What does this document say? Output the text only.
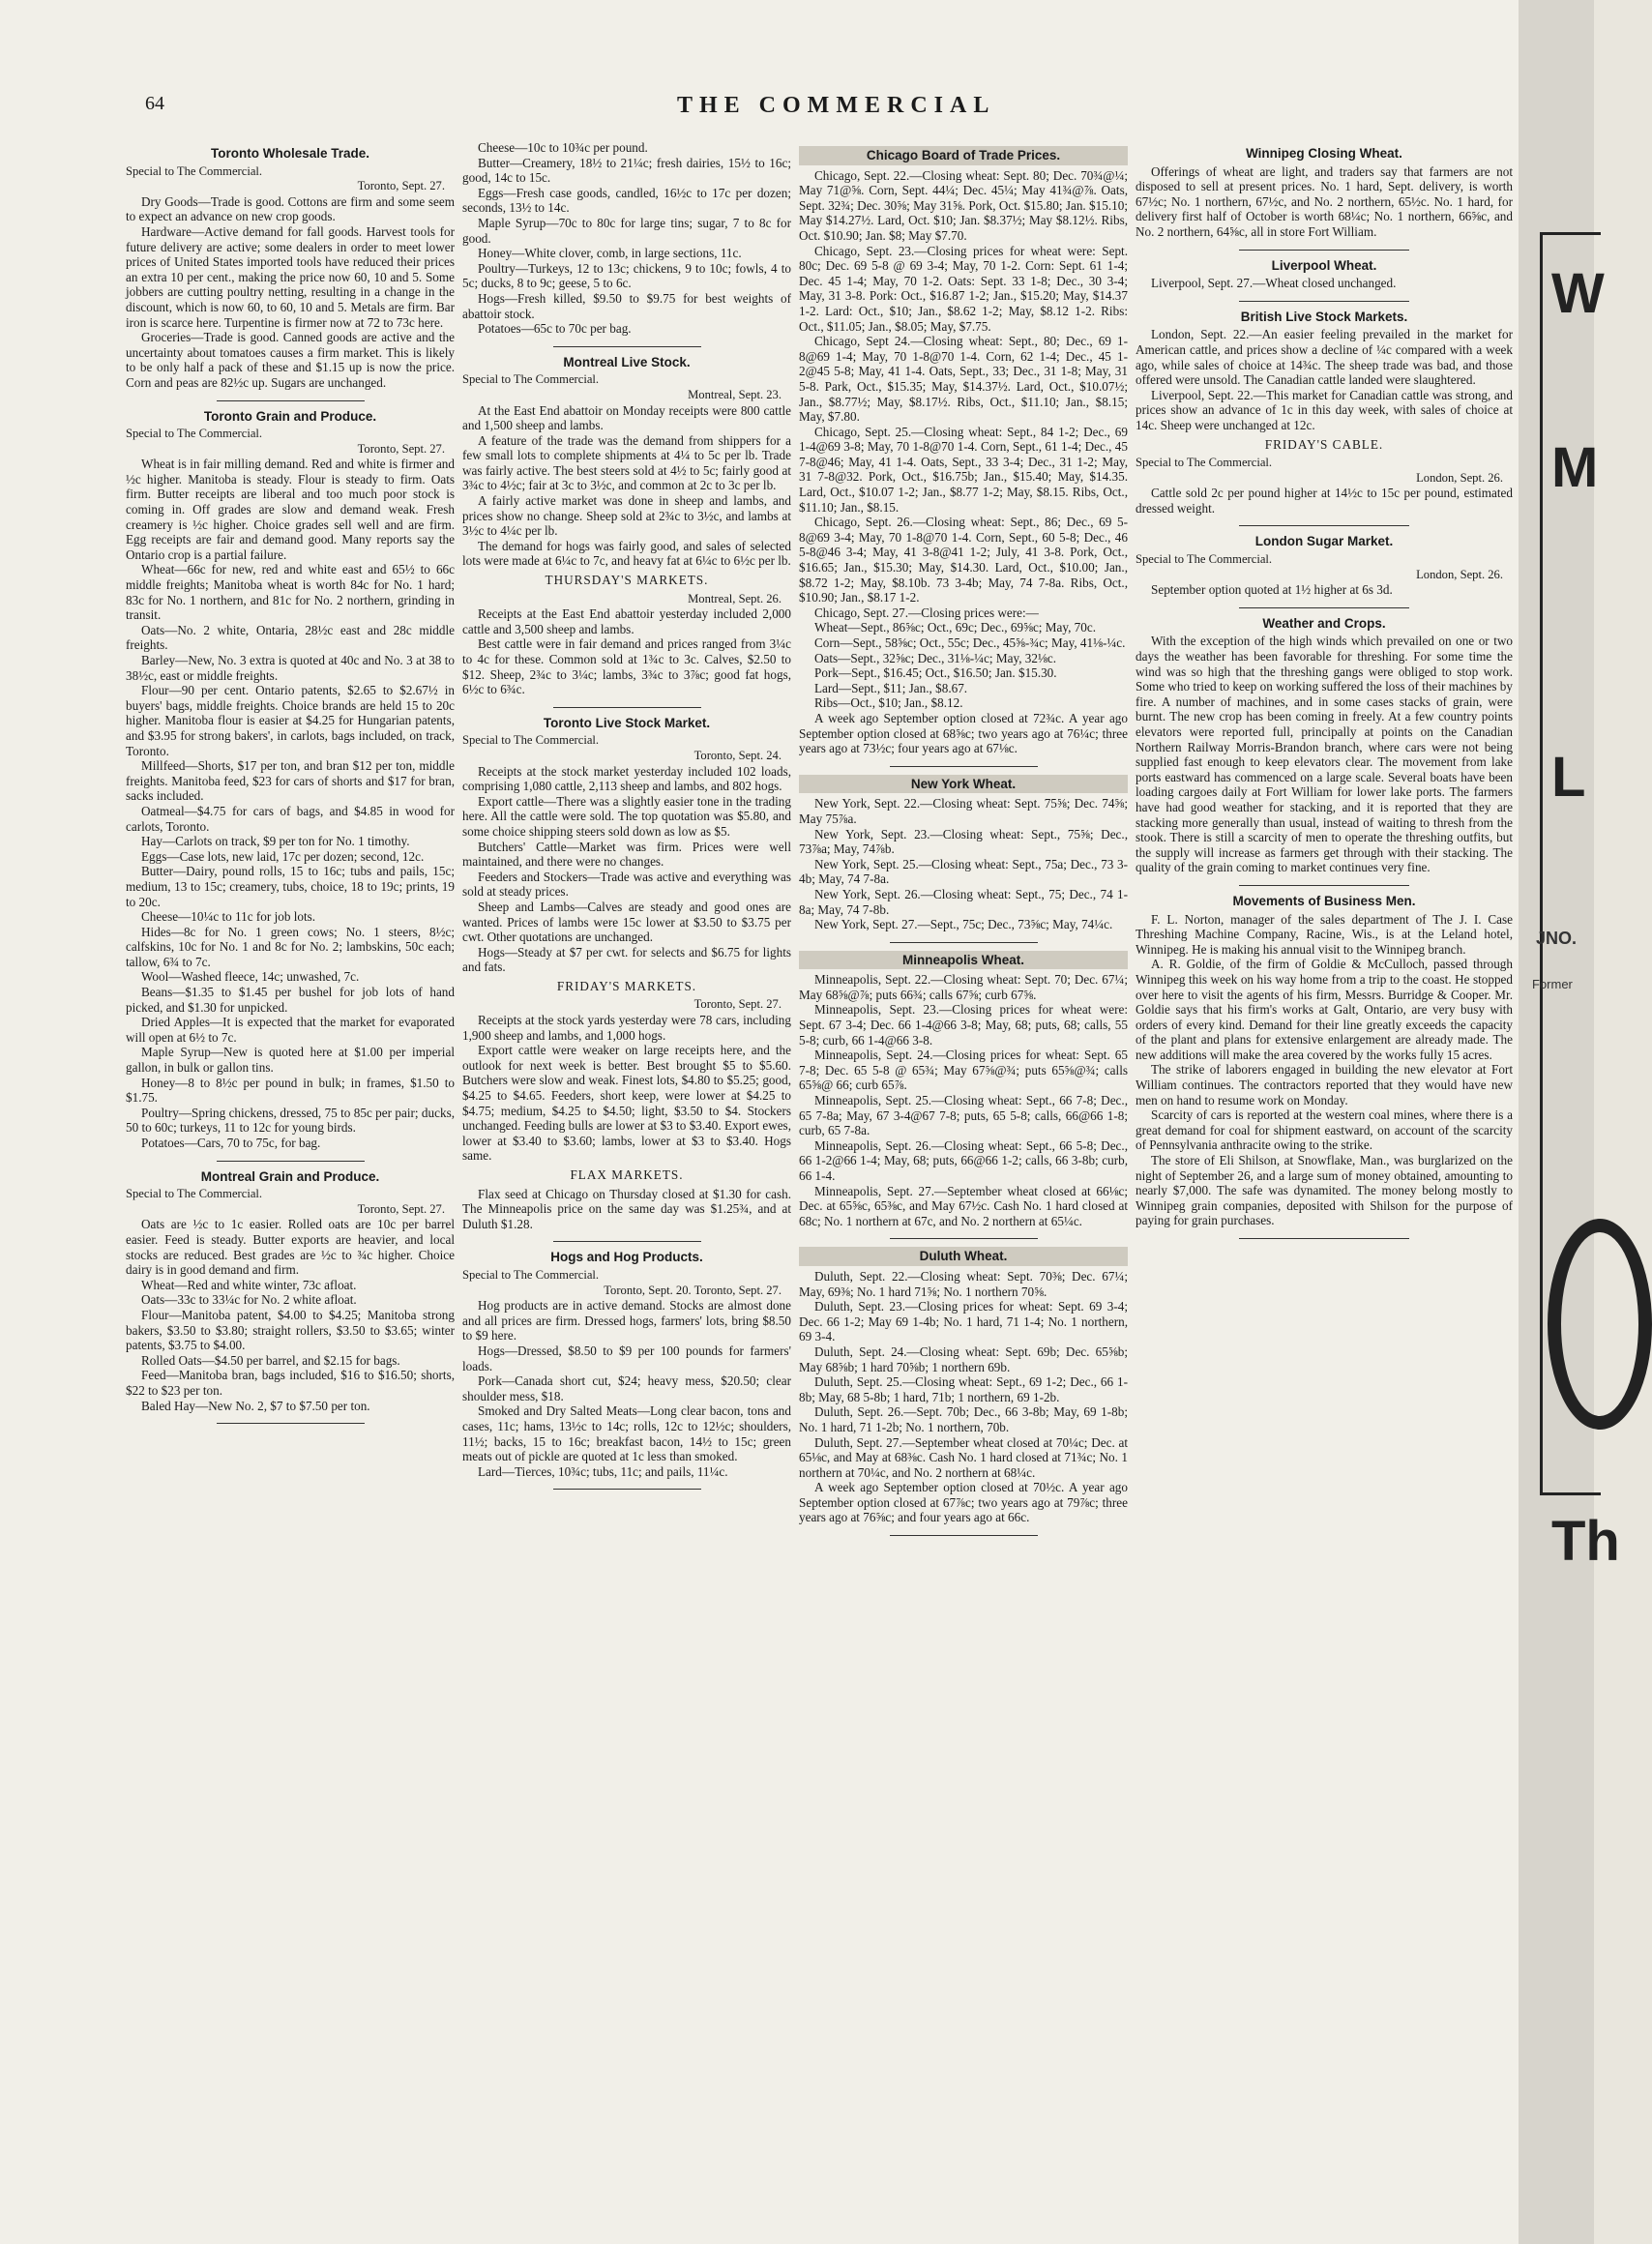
64	THE COMMERCIAL
Toronto Wholesale Trade.

Special to The Commercial.

Toronto, Sept. 27.

Dry Goods—Trade is good. Cottons are firm and some seem to expect an advance on new crop goods.

Hardware—Active demand for fall goods. Harvest tools for future delivery are active; some dealers in order to meet lower prices of United States imported tools have reduced their prices an extra 10 per cent., making the price now 60, 10 and 5. Some jobbers are cutting poultry netting, resulting in a change in the discount, which is now 60, to 60, 10 and 5. Metals are firm. Bar iron is scarce here. Turpentine is firmer now at 72 to 73c here.

Groceries—Trade is good. Canned goods are active and the uncertainty about tomatoes causes a firm market. This is likely to be only half a pack of these and $1.15 up is now the price. Corn and peas are 82½c up. Sugars are unchanged.

Toronto Grain and Produce.

Special to The Commercial.

Toronto, Sept. 27.

Wheat is in fair milling demand. Red and white is firmer and ½c higher. Manitoba is steady. Flour is steady to firm. Oats firm. Butter receipts are liberal and too much poor stock is coming in. Off grades are slow and demand weak. Fresh creamery is ½c higher. Choice grades sell well and are firm. Egg receipts are fair and demand good. Many reports say the Ontario crop is a partial failure.

Wheat—66c for new, red and white east and 65½ to 66c middle freights; Manitoba wheat is worth 84c for No. 1 hard; 83c for No. 1 northern, and 81c for No. 2 northern, grinding in transit.

Oats—No. 2 white, Ontaria, 28½c east and 28c middle freights.

Barley—New, No. 3 extra is quoted at 40c and No. 3 at 38 to 38½c, east or middle freights.

Flour—90 per cent. Ontario patents, $2.65 to $2.67½ in buyers' bags, middle freights. Choice brands are held 15 to 20c higher. Manitoba flour is easier at $4.25 for Hungarian patents, and $3.95 for strong bakers', in carlots, bags included, on track, Toronto.

Millfeed—Shorts, $17 per ton, and bran $12 per ton, middle freights. Manitoba feed, $23 for cars of shorts and $17 for bran, sacks included.

Oatmeal—$4.75 for cars of bags, and $4.85 in wood for carlots, Toronto.

Hay—Carlots on track, $9 per ton for No. 1 timothy.

Eggs—Case lots, new laid, 17c per dozen; second, 12c.

Butter—Dairy, pound rolls, 15 to 16c; tubs and pails, 15c; medium, 13 to 15c; creamery, tubs, choice, 18 to 19c; prints, 19 to 20c.

Cheese—10¼c to 11c for job lots.

Hides—8c for No. 1 green cows; No. 1 steers, 8½c; calfskins, 10c for No. 1 and 8c for No. 2; lambskins, 50c each; tallow, 6¾ to 7c.

Wool—Washed fleece, 14c; unwashed, 7c.

Beans—$1.35 to $1.45 per bushel for job lots of hand picked, and $1.30 for unpicked.

Dried Apples—It is expected that the market for evaporated will open at 6½ to 7c.

Maple Syrup—New is quoted here at $1.00 per imperial gallon, in bulk or gallon tins.

Honey—8 to 8½c per pound in bulk; in frames, $1.50 to $1.75.

Poultry—Spring chickens, dressed, 75 to 85c per pair; ducks, 50 to 60c; turkeys, 11 to 12c for young birds.

Potatoes—Cars, 70 to 75c, for bag.

Montreal Grain and Produce.

Special to The Commercial.

Toronto, Sept. 27.

Oats are ½c to 1c easier. Rolled oats are 10c per barrel easier. Feed is steady. Butter exports are heavier, and local stocks are reduced. Best grades are ½c to ¾c higher. Choice dairy is in good demand and firm.

Wheat—Red and white winter, 73c afloat.

Oats—33c to 33¼c for No. 2 white afloat.

Flour—Manitoba patent, $4.00 to $4.25; Manitoba strong bakers, $3.50 to $3.80; straight rollers, $3.50 to $3.65; winter patents, $3.75 to $4.00.

Rolled Oats—$4.50 per barrel, and $2.15 for bags.

Feed—Manitoba bran, bags included, $16 to $16.50; shorts, $22 to $23 per ton.

Baled Hay—New No. 2, $7 to $7.50 per ton.

Cheese—10c to 10¾c per pound.

Butter—Creamery, 18½ to 21¼c; fresh dairies, 15½ to 16c; good, 14c to 15c.

Eggs—Fresh case goods, candled, 16½c to 17c per dozen; seconds, 13½ to 14c.

Maple Syrup—70c to 80c for large tins; sugar, 7 to 8c for good.

Honey—White clover, comb, in large sections, 11c.

Poultry—Turkeys, 12 to 13c; chickens, 9 to 10c; fowls, 4 to 5c; ducks, 8 to 9c; geese, 5 to 6c.

Hogs—Fresh killed, $9.50 to $9.75 for best weights of abattoir stock.

Potatoes—65c to 70c per bag.

Montreal Live Stock.

Special to The Commercial.

Montreal, Sept. 23.

At the East End abattoir on Monday receipts were 800 cattle and 1,500 sheep and lambs.

A feature of the trade was the demand from shippers for a few small lots to complete shipments at 4¼ to 5c per lb. Trade was fairly active. The best steers sold at 4½ to 5c; fairly good at 3¾c to 4½c; fair at 3c to 3½c, and common at 2c to 3c per lb.

A fairly active market was done in sheep and lambs, and prices show no change. Sheep sold at 2¾c to 3½c, and lambs at 3½c to 4¼c per lb.

The demand for hogs was fairly good, and sales of selected lots were made at 6¼c to 7c, and heavy fat at 6¼c to 6½c per lb.

THURSDAY'S MARKETS.

Montreal, Sept. 26.

Receipts at the East End abattoir yesterday included 2,000 cattle and 3,500 sheep and lambs.

Best cattle were in fair demand and prices ranged from 3¼c to 4c for these. Common sold at 1¾c to 3c. Calves, $2.50 to $12. Sheep, 2¾c to 3¼c; lambs, 3¾c to 3⅞c; good fat hogs, 6½c to 6¾c.

Toronto Live Stock Market.

Special to The Commercial.

Toronto, Sept. 24.

Receipts at the stock market yesterday included 102 loads, comprising 1,080 cattle, 2,113 sheep and lambs, and 802 hogs.

Export cattle—There was a slightly easier tone in the trading here. All the cattle were sold. The top quotation was $5.80, and some choice shipping steers sold down as low as $5.

Butchers' Cattle—Market was firm. Prices were well maintained, and there were no changes.

Feeders and Stockers—Trade was active and everything was sold at steady prices.

Sheep and Lambs—Calves are steady and good ones are wanted. Prices of lambs were 15c lower at $3.50 to $3.75 per cwt. Other quotations are unchanged.

Hogs—Steady at $7 per cwt. for selects and $6.75 for lights and fats.

FRIDAY'S MARKETS.

Toronto, Sept. 27.

Receipts at the stock yards yesterday were 78 cars, including 1,900 sheep and lambs, and 1,000 hogs.

Export cattle were weaker on large receipts here, and the outlook for next week is better. Best brought $5 to $5.60. Butchers were slow and weak. Finest lots, $4.80 to $5.25; good, $4.25 to $4.65. Feeders, short keep, were lower at $4.25 to $4.75; medium, $4.25 to $4.50; light, $3.50 to $4. Stockers unchanged. Feeding bulls are lower at $3 to $3.40. Export ewes, lower at $3.40 to $3.60; lambs, lower at $3 to $3.40. Hogs same.

FLAX MARKETS.

Flax seed at Chicago on Thursday closed at $1.30 for cash. The Minneapolis price on the same day was $1.25¾, and at Duluth $1.28.

Hogs and Hog Products.

Special to The Commercial.

Toronto, Sept. 20. Toronto, Sept. 27.

Hog products are in active demand. Stocks are almost done and all prices are firm. Dressed hogs, farmers' lots, bring $8.50 to $9 here.

Hogs—Dressed, $8.50 to $9 per 100 pounds for farmers' loads.

Pork—Canada short cut, $24; heavy mess, $20.50; clear shoulder mess, $18.

Smoked and Dry Salted Meats—Long clear bacon, tons and cases, 11c; hams, 13½c to 14c; rolls, 12c to 12½c; shoulders, 11½; backs, 15 to 16c; breakfast bacon, 14½ to 15c; green meats out of pickle are quoted at 1c less than smoked.

Lard—Tierces, 10¾c; tubs, 11c; and pails, 11¼c.

Chicago Board of Trade Prices.

Chicago, Sept. 22.—Closing wheat: Sept. 80; Dec. 70¾@¼; May 71@⅝. Corn, Sept. 44¼; Dec. 45¼; May 41¾@⅞. Oats, Sept. 32¾; Dec. 30⅝; May 31⅝. Pork, Oct. $15.80; Jan. $15.10; May $14.27½. Lard, Oct. $10; Jan. $8.37½; May $8.12½. Ribs, Oct. $10.90; Jan. $8; May $7.70.

Chicago, Sept. 23.—Closing prices for wheat were: Sept. 80c; Dec. 69 5-8 @ 69 3-4; May, 70 1-2. Corn: Sept. 61 1-4; Dec. 45 1-4; May, 70 1-2. Oats: Sept. 33 1-8; Dec., 30 3-4; May, 31 3-8. Pork: Oct., $16.87 1-2; Jan., $15.20; May, $14.37 1-2. Lard: Oct., $10; Jan., $8.62 1-2; May, $8.12 1-2. Ribs: Oct., $11.05; Jan., $8.05; May, $7.75.

Chicago, Sept 24.—Closing wheat: Sept., 80; Dec., 69 1-8@69 1-4; May, 70 1-8@70 1-4. Corn, 62 1-4; Dec., 45 1-2@45 5-8; May, 41 1-4. Oats, Sept., 33; Dec., 31 1-8; May, 31 5-8. Park, Oct., $15.35; May, $14.37½. Lard, Oct., $10.07½; Jan., $8.77½; May, $8.17½. Ribs, Oct., $11.10; Jan., $8.15; May, $7.80.

Chicago, Sept. 25.—Closing wheat: Sept., 84 1-2; Dec., 69 1-4@69 3-8; May, 70 1-8@70 1-4. Corn, Sept., 61 1-4; Dec., 45 7-8@46; May, 41 1-4. Oats, Sept., 33 3-4; Dec., 31 1-2; May, 31 7-8@32. Pork, Oct., $16.75b; Jan., $15.40; May, $14.35. Lard, Oct., $10.07 1-2; Jan., $8.77 1-2; May, $8.15. Ribs, Oct., $11.10; Jan., $8.15.

Chicago, Sept. 26.—Closing wheat: Sept., 86; Dec., 69 5-8@69 3-4; May, 70 1-8@70 1-4. Corn, Sept., 60 5-8; Dec., 46 5-8@46 3-4; May, 41 3-8@41 1-2; July, 41 3-8. Pork, Oct., $16.65; Jan., $15.30; May, $14.30. Lard, Oct., $10.00; Jan., $8.72 1-2; May, $8.10b. 73 3-4b; May, 74 7-8a. Ribs, Oct., $10.90; Jan., $8.17 1-2.

Chicago, Sept. 27.—Closing prices were:—

Wheat—Sept., 86⅝c; Oct., 69c; Dec., 69⅝c; May, 70c.

Corn—Sept., 58⅝c; Oct., 55c; Dec., 45⅝-¾c; May, 41⅛-¼c.

Oats—Sept., 32⅝c; Dec., 31⅛-¼c; May, 32⅛c.

Pork—Sept., $16.45; Oct., $16.50; Jan. $15.30.

Lard—Sept., $11; Jan., $8.67.

Ribs—Oct., $10; Jan., $8.12.

A week ago September option closed at 72¾c. A year ago September option closed at 68⅝c; two years ago at 76¼c; three years ago at 73½c; four years ago at 67⅛c.

New York Wheat.

New York, Sept. 22.—Closing wheat: Sept. 75⅝; Dec. 74⅝; May 75⅞a.

New York, Sept. 23.—Closing wheat: Sept., 75⅝; Dec., 73⅞a; May, 74⅞b.

New York, Sept. 25.—Closing wheat: Sept., 75a; Dec., 73 3-4b; May, 74 7-8a.

New York, Sept. 26.—Closing wheat: Sept., 75; Dec., 74 1-8a; May, 74 7-8b.

New York, Sept. 27.—Sept., 75c; Dec., 73⅝c; May, 74¼c.

Minneapolis Wheat.

Minneapolis, Sept. 22.—Closing wheat: Sept. 70; Dec. 67¼; May 68⅝@⅞; puts 66¾; calls 67⅝; curb 67⅝.

Minneapolis, Sept. 23.—Closing prices for wheat were: Sept. 67 3-4; Dec. 66 1-4@66 3-8; May, 68; puts, 68; calls, 55 5-8; curb, 66 1-4@66 3-8.

Minneapolis, Sept. 24.—Closing prices for wheat: Sept. 65 7-8; Dec. 65 5-8 @ 65¾; May 67⅝@¾; puts 65⅝@¾; calls 65⅝@ 66; curb 65⅞.

Minneapolis, Sept. 25.—Closing wheat: Sept., 66 7-8; Dec., 65 7-8a; May, 67 3-4@67 7-8; puts, 65 5-8; calls, 66@66 1-8; curb, 65 7-8a.

Minneapolis, Sept. 26.—Closing wheat: Sept., 66 5-8; Dec., 66 1-2@66 1-4; May, 68; puts, 66@66 1-2; calls, 66 3-8b; curb, 66 1-4.

Minneapolis, Sept. 27.—September wheat closed at 66⅛c; Dec. at 65⅝c, 65⅜c, and May 67½c. Cash No. 1 hard closed at 68c; No. 1 northern at 67c, and No. 2 northern at 65¼c.

Duluth Wheat.

Duluth, Sept. 22.—Closing wheat: Sept. 70⅜; Dec. 67¼; May, 69⅜; No. 1 hard 71⅝; No. 1 northern 70⅝.

Duluth, Sept. 23.—Closing prices for wheat: Sept. 69 3-4; Dec. 66 1-2; May 69 1-4b; No. 1 hard, 71 1-4; No. 1 northern, 69 3-4.

Duluth, Sept. 24.—Closing wheat: Sept. 69b; Dec. 65⅝b; May 68⅝b; 1 hard 70⅝b; 1 northern 69b.

Duluth, Sept. 25.—Closing wheat: Sept., 69 1-2; Dec., 66 1-8b; May, 68 5-8b; 1 hard, 71b; 1 northern, 69 1-2b.

Duluth, Sept. 26.—Sept. 70b; Dec., 66 3-8b; May, 69 1-8b; No. 1 hard, 71 1-2b; No. 1 northern, 70b.

Duluth, Sept. 27.—September wheat closed at 70¼c; Dec. at 65⅛c, and May at 68⅜c. Cash No. 1 hard closed at 71¾c; No. 1 northern at 70¼c, and No. 2 northern at 68¼c.

A week ago September option closed at 70½c. A year ago September option closed at 67⅞c; two years ago at 79⅞c; three years ago at 76⅝c; and four years ago at 66c.

Winnipeg Closing Wheat.

Offerings of wheat are light, and traders say that farmers are not disposed to sell at present prices. No. 1 hard, Sept. delivery, is worth 67½c; No. 1 northern, 67½c, and No. 2 northern, 65½c. No. 1 hard, for delivery first half of October is worth 68¼c; No. 1 northern, 66⅝c, and No. 2 northern, 64⅝c, all in store Fort William.

Liverpool Wheat.

Liverpool, Sept. 27.—Wheat closed unchanged.

British Live Stock Markets.

London, Sept. 22.—An easier feeling prevailed in the market for American cattle, and prices show a decline of ¼c compared with a week ago, while sales of choice at 14¾c. The sheep trade was bad, and those offered were unsold. The Canadian cattle landed were slaughtered.

Liverpool, Sept. 22.—This market for Canadian cattle was strong, and prices show an advance of 1c in this day week, with sales of choice at 14c. Sheep were unchanged at 12c.

FRIDAY'S CABLE.

Special to The Commercial.

London, Sept. 26.

Cattle sold 2c per pound higher at 14½c to 15c per pound, estimated dressed weight.

London Sugar Market.

Special to The Commercial.

London, Sept. 26.

September option quoted at 1½ higher at 6s 3d.

Weather and Crops.

With the exception of the high winds which prevailed on one or two days the weather has been favorable for threshing. For some time the wind was so high that the threshing gangs were obliged to stop work. Some who tried to keep on working suffered the loss of their machines by fire. A number of machines, and in some cases stacks of grain, were burnt. The new crop has been coming in freely. At a few country points elevators were reported full, principally at points on the Canadian Northern Railway Morris-Brandon branch, where cars were not being supplied fast enough to keep elevators clear. The movement from lake ports eastward has commenced on a large scale. Several boats have been loading cargoes daily at Fort William for lower lake ports. The farmers have had good weather for stacking, and it is reported that they are stacking more generally than usual, instead of waiting to thresh from the stook. There is still a scarcity of men to operate the threshing outfits, but the supply will increase as farmers get through with their stacking. The quality of the grain coming to market continues very fine.

Movements of Business Men.

F. L. Norton, manager of the sales department of The J. I. Case Threshing Machine Company, Racine, Wis., is at the Leland hotel, Winnipeg. He is making his annual visit to the Winnipeg branch.

A. R. Goldie, of the firm of Goldie & McCulloch, passed through Winnipeg this week on his way home from a trip to the coast. He stopped over here to visit the agents of his firm, Messrs. Burridge & Cooper. Mr. Goldie says that his firm's works at Galt, Ontario, are very busy with orders of every kind. Demand for their line greatly exceeds the capacity of the plant and plans for extensive enlargement are already made. The new additions will make the area covered by the works fully 15 acres.

The strike of laborers engaged in building the new elevator at Fort William continues. The contractors reported that they would have new men on hand to resume work on Monday.

Scarcity of cars is reported at the western coal mines, where there is a great demand for coal for shipment eastward, on account of the scarcity of Pennsylvania anthracite owing to the strike.

The store of Eli Shilson, at Snowflake, Man., was burglarized on the night of September 26, and a large sum of money obtained, amounting to nearly $7,000. The safe was dynamited. The money belong mostly to Winnipeg grain companies, deposited with Shilson for the purpose of paying for grain purchases.

W
M
L
JNO.
Former
Th
